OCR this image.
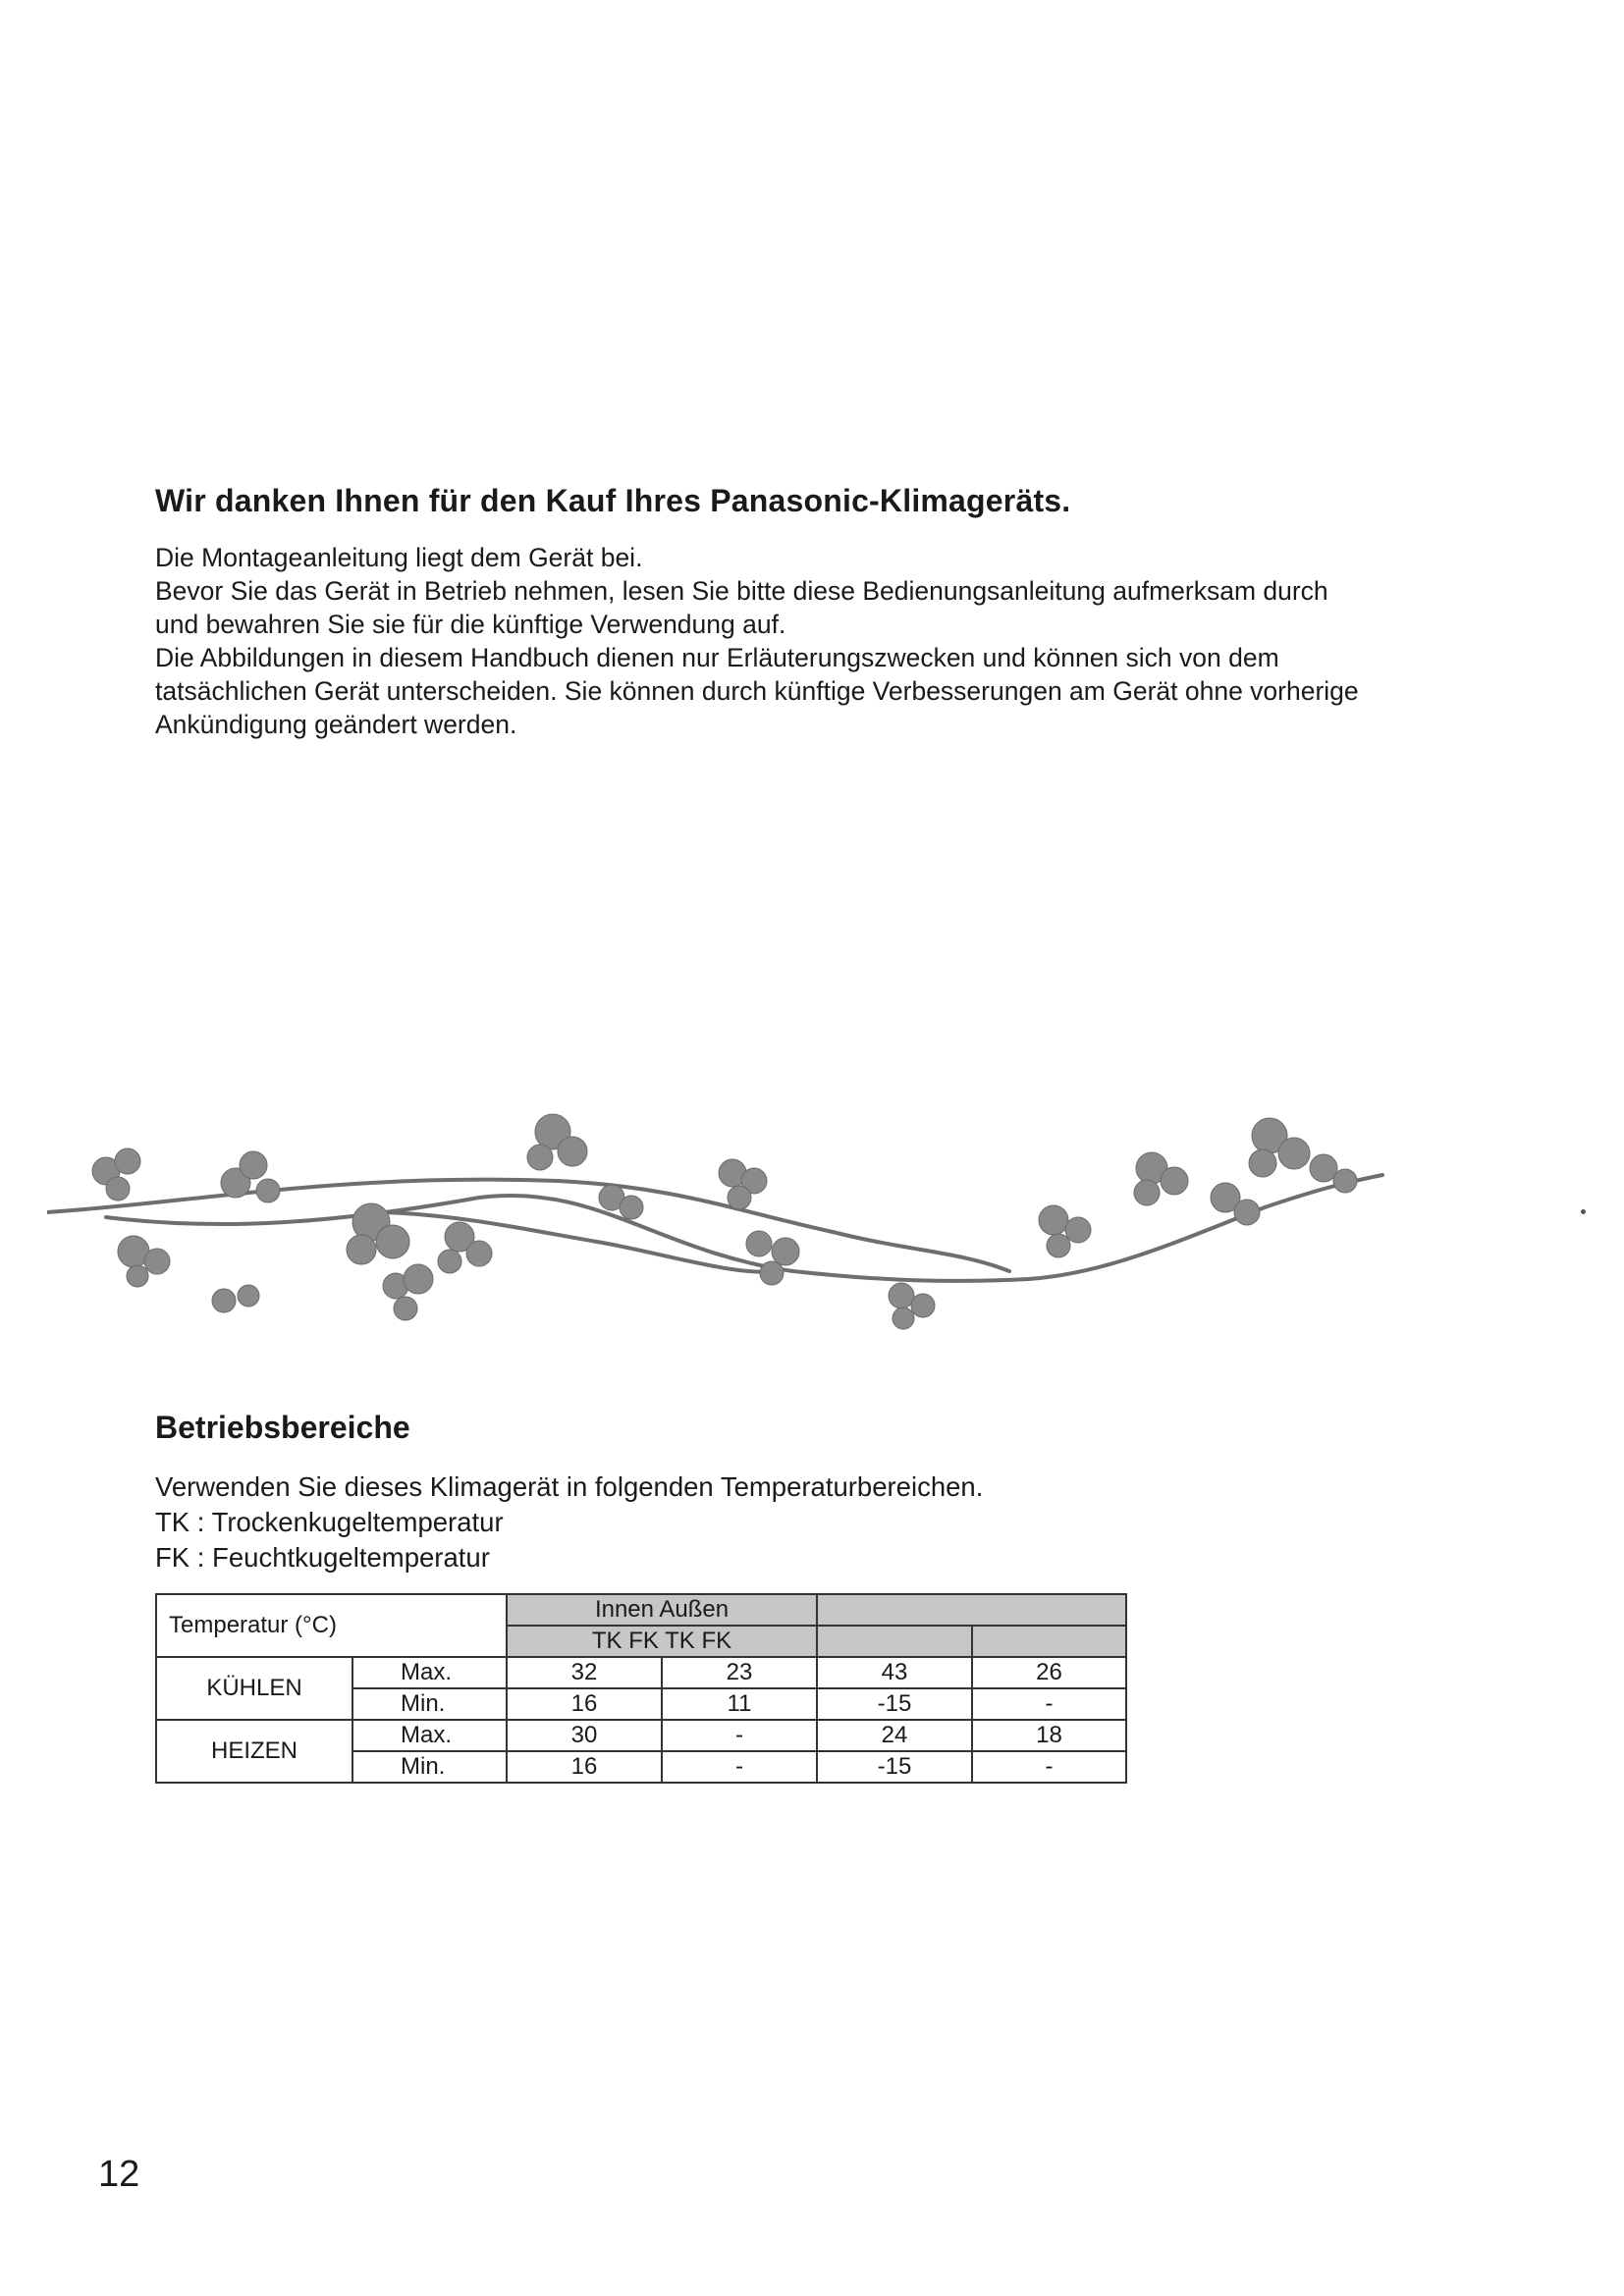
Wir danken Ihnen für den Kauf Ihres Panasonic-Klimageräts.

Die Montageanleitung liegt dem Gerät bei.

Bevor Sie das Gerät in Betrieb nehmen, lesen Sie bitte diese Bedienungsanleitung aufmerksam durch

und bewahren Sie sie für die künftige Verwendung auf.

Die Abbildungen in diesem Handbuch dienen nur Erläuterungszwecken und können sich von dem

tatsächlichen Gerät unterscheiden. Sie können durch künftige Verbesserungen am Gerät ohne vorherige

Ankündigung geändert werden.

Betriebsbereiche

Verwenden Sie dieses Klimagerät in folgenden Temperaturbereichen.

TK : Trockenkugeltemperatur

FK : Feuchtkugeltemperatur

Temperatur (°C)		Innen Außen			
		TK FK TK FK			
KÜHLEN	Max.	32	23	43	26
	Min.	16	11	-15	-
HEIZEN	Max.	30	-	24	18
	Min.	16	-	-15	-
12
